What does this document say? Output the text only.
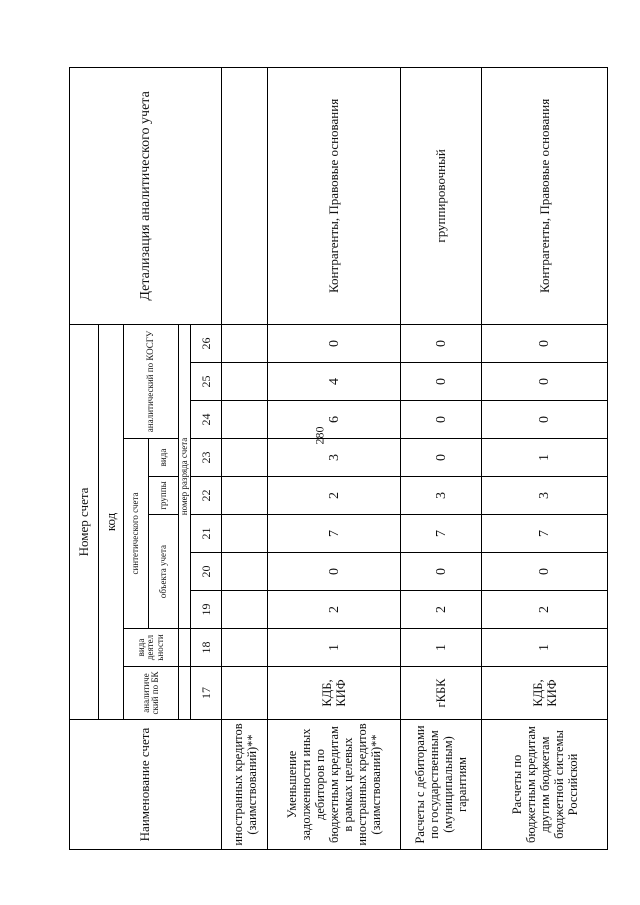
280
Наименование счета	Номер счета										Детализация аналитического учета
	код										
	аналитиче ский по БК	вида деятел ьности	синтетического счета					аналитический по КОСГУ			
			объекта учета			группы	вида				
			номер разряда счета								
	17	18	19	20	21	22	23	24	25	26	
иностранных кредитов (заимствований)**											
Уменьшение задолженности иных дебиторов по бюджетным кредитам в рамках целевых иностранных кредитов (заимствований)**	КДБ, КИФ	1	2	0	7	2	3	6	4	0	Контрагенты, Правовые основания
Расчеты с дебиторами по государственным (муниципальным) гарантиям	гКБК	1	2	0	7	3	0	0	0	0	группировочный
Расчеты по бюджетным кредитам другим бюджетам бюджетной системы Российской	КДБ, КИФ	1	2	0	7	3	1	0	0	0	Контрагенты, Правовые основания
